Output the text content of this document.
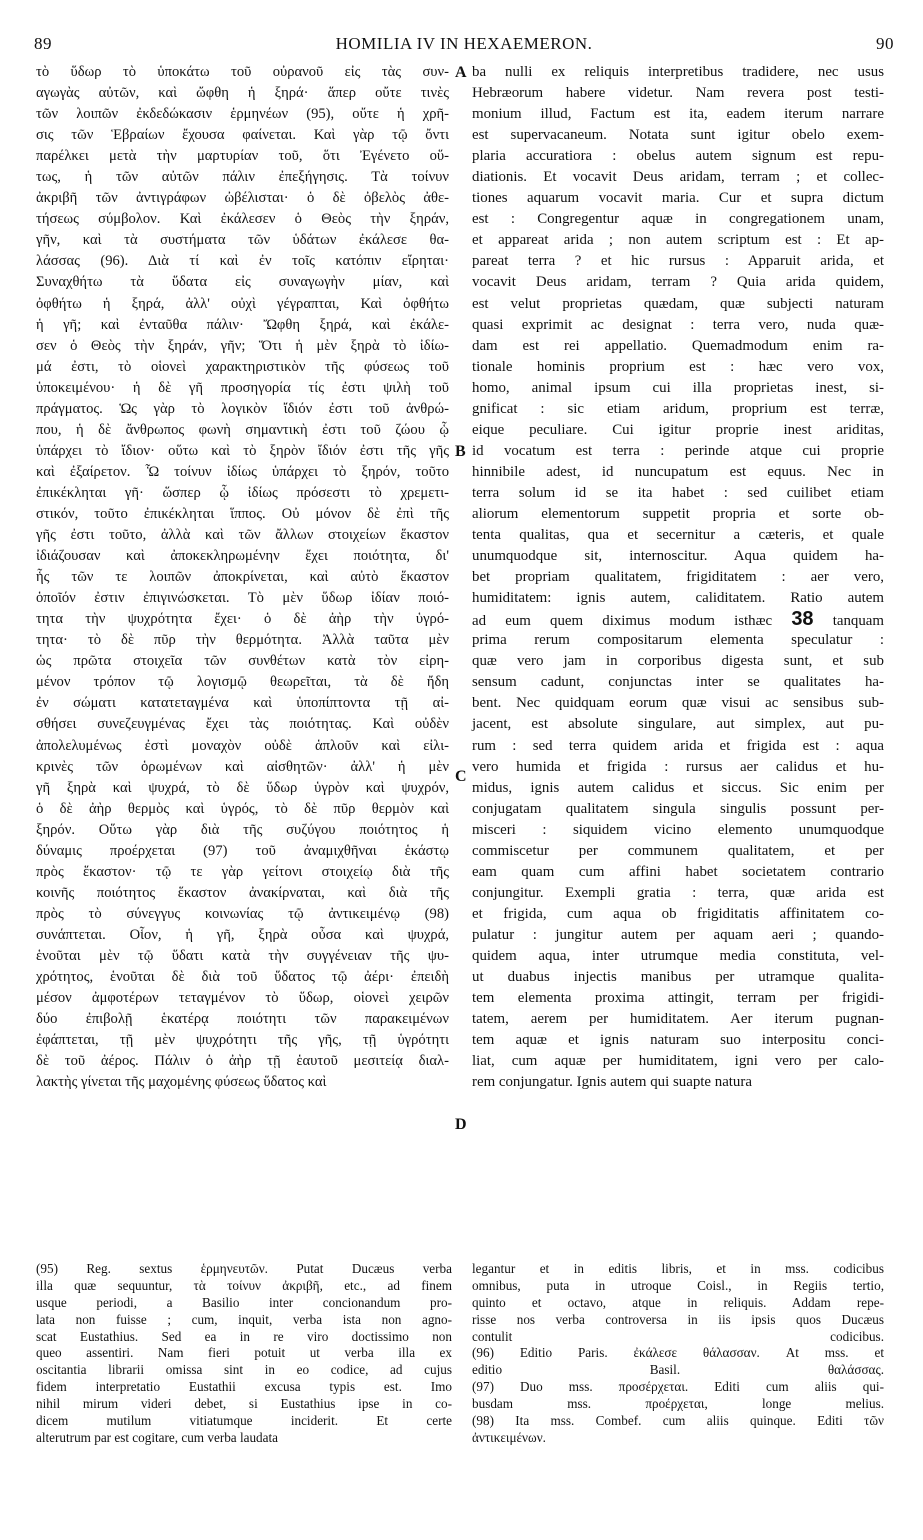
89	HOMILIA IV IN HEXAEMERON.	90
τὸ ὕδωρ τὸ ὑποκάτω τοῦ οὐρανοῦ εἰς τὰς συν-
αγωγὰς αὐτῶν, καὶ ὤφθη ἡ ξηρά· ἅπερ οὔτε τινὲς
τῶν λοιπῶν ἐκδεδώκασιν ἑρμηνέων (95), οὔτε ἡ χρῆ-
σις τῶν Ἑβραίων ἔχουσα φαίνεται. Καὶ γὰρ τῷ ὄντι
παρέλκει μετὰ τὴν μαρτυρίαν τοῦ, ὅτι Ἐγένετο οὕ-
τως, ἡ τῶν αὐτῶν πάλιν ἐπεξήγησις. Τὰ τοίνυν
ἀκριβῆ τῶν ἀντιγράφων ὠβέλισται· ὁ δὲ ὀβελὸς ἀθε-
τήσεως σύμβολον. Καὶ ἐκάλεσεν ὁ Θεὸς τὴν ξηράν,
γῆν, καὶ τὰ συστήματα τῶν ὑδάτων ἐκάλεσε θα-
λάσσας (96). Διὰ τί καὶ ἐν τοῖς κατόπιν εἴρηται·
Συναχθήτω τὰ ὕδατα εἰς συναγωγὴν μίαν, καὶ
ὀφθήτω ἡ ξηρά, ἀλλ' οὐχὶ γέγραπται, Καὶ ὀφθήτω
ἡ γῆ; καὶ ἐνταῦθα πάλιν· Ὤφθη ξηρά, καὶ ἐκάλε-
σεν ὁ Θεὸς τὴν ξηράν, γῆν; Ὅτι ἡ μὲν ξηρὰ τὸ ἰδίω-
μά ἐστι, τὸ οἱονεὶ χαρακτηριστικὸν τῆς φύσεως τοῦ
ὑποκειμένου· ἡ δὲ γῆ προσηγορία τίς ἐστι ψιλὴ τοῦ
πράγματος. Ὡς γὰρ τὸ λογικὸν ἴδιόν ἐστι τοῦ ἀνθρώ-
που, ἡ δὲ ἄνθρωπος φωνὴ σημαντικὴ ἐστι τοῦ ζώου ᾧ
ὑπάρχει τὸ ἴδιον· οὕτω καὶ τὸ ξηρὸν ἴδιόν ἐστι τῆς γῆς
καὶ ἐξαίρετον. Ὧ τοίνυν ἰδίως ὑπάρχει τὸ ξηρόν, τοῦτο
ἐπικέκληται γῆ· ὥσπερ ᾧ ἰδίως πρόσεστι τὸ χρεμετι-
στικόν, τοῦτο ἐπικέκληται ἵππος. Οὐ μόνον δὲ ἐπὶ τῆς
γῆς ἐστι τοῦτο, ἀλλὰ καὶ τῶν ἄλλων στοιχείων ἕκαστον
ἰδιάζουσαν καὶ ἀποκεκληρωμένην ἔχει ποιότητα, δι'
ἧς τῶν τε λοιπῶν ἀποκρίνεται, καὶ αὐτὸ ἕκαστον
ὁποῖόν ἐστιν ἐπιγινώσκεται. Τὸ μὲν ὕδωρ ἰδίαν ποιό-
τητα τὴν ψυχρότητα ἔχει· ὁ δὲ ἀὴρ τὴν ὑγρό-
τητα· τὸ δὲ πῦρ τὴν θερμότητα. Ἀλλὰ ταῦτα μὲν
ὡς πρῶτα στοιχεῖα τῶν συνθέτων κατὰ τὸν εἰρη-
μένον τρόπον τῷ λογισμῷ θεωρεῖται, τὰ δὲ ἤδη
ἐν σώματι κατατεταγμένα καὶ ὑποπίπτοντα τῇ αἰ-
σθήσει συνεζευγμένας ἔχει τὰς ποιότητας. Καὶ οὐδὲν
ἀπολελυμένως ἐστὶ μοναχὸν οὐδὲ ἁπλοῦν καὶ εἰλι-
κρινὲς τῶν ὁρωμένων καὶ αἰσθητῶν· ἀλλ' ἡ μὲν
γῆ ξηρὰ καὶ ψυχρά, τὸ δὲ ὕδωρ ὑγρὸν καὶ ψυχρόν,
ὁ δὲ ἀὴρ θερμὸς καὶ ὑγρός, τὸ δὲ πῦρ θερμὸν καὶ
ξηρόν. Οὕτω γὰρ διὰ τῆς συζύγου ποιότητος ἡ
δύναμις προέρχεται (97) τοῦ ἀναμιχθῆναι ἑκάστῳ
πρὸς ἕκαστον· τῷ τε γὰρ γείτονι στοιχείῳ διὰ τῆς
κοινῆς ποιότητος ἕκαστον ἀνακίρναται, καὶ διὰ τῆς
πρὸς τὸ σύνεγγυς κοινωνίας τῷ ἀντικειμένῳ (98)
συνάπτεται. Οἷον, ἡ γῆ, ξηρὰ οὖσα καὶ ψυχρά,
ἑνοῦται μὲν τῷ ὕδατι κατὰ τὴν συγγένειαν τῆς ψυ-
χρότητος, ἑνοῦται δὲ διὰ τοῦ ὕδατος τῷ ἀέρι· ἐπειδὴ
μέσον ἀμφοτέρων τεταγμένον τὸ ὕδωρ, οἱονεὶ χειρῶν
δύο ἐπιβολῇ ἑκατέρᾳ ποιότητι τῶν παρακειμένων
ἐφάπτεται, τῇ μὲν ψυχρότητι τῆς γῆς, τῇ ὑγρότητι
δὲ τοῦ ἀέρος. Πάλιν ὁ ἀὴρ τῇ ἑαυτοῦ μεσιτείᾳ διαλ-
λακτὴς γίνεται τῆς μαχομένης φύσεως ὕδατος καὶ
ba nulli ex reliquis interpretibus tradidere, nec usus
Hebræorum habere videtur. Nam revera post testi-
monium illud, Factum est ita, eadem iterum narrare
est supervacaneum. Notata sunt igitur obelo exem-
plaria accuratiora : obelus autem signum est repu-
diationis. Et vocavit Deus aridam, terram ; et collec-
tiones aquarum vocavit maria. Cur et supra dictum
est : Congregentur aquæ in congregationem unam,
et appareat arida ; non autem scriptum est : Et ap-
pareat terra ? et hic rursus : Apparuit arida, et
vocavit Deus aridam, terram ? Quia arida quidem,
est velut proprietas quædam, quæ subjecti naturam
quasi exprimit ac designat : terra vero, nuda quæ-
dam est rei appellatio. Quemadmodum enim ra-
tionale hominis proprium est : hæc vero vox,
homo, animal ipsum cui illa proprietas inest, si-
gnificat : sic etiam aridum, proprium est terræ,
eique peculiare. Cui igitur proprie inest ariditas,
id vocatum est terra : perinde atque cui proprie
hinnibile adest, id nuncupatum est equus. Nec in
terra solum id se ita habet : sed cuilibet etiam
aliorum elementorum suppetit propria et sorte ob-
tenta qualitas, qua et secernitur a cæteris, et quale
unumquodque sit, internoscitur. Aqua quidem ha-
bet propriam qualitatem, frigiditatem : aer vero,
humiditatem: ignis autem, caliditatem. Ratio autem
ad eum quem diximus modum isthæc 38 tanquam
prima rerum compositarum elementa speculatur :
quæ vero jam in corporibus digesta sunt, et sub
sensum cadunt, conjunctas inter se qualitates ha-
bent. Nec quidquam eorum quæ visui ac sensibus sub-
jacent, est absolute singulare, aut simplex, aut pu-
rum : sed terra quidem arida et frigida est : aqua
vero humida et frigida : rursus aer calidus et hu-
midus, ignis autem calidus et siccus. Sic enim per
conjugatam qualitatem singula singulis possunt per-
misceri : siquidem vicino elemento unumquodque
commiscetur per communem qualitatem, et per
eam quam cum affini habet societatem contrario
conjungitur. Exempli gratia : terra, quæ arida est
et frigida, cum aqua ob frigiditatis affinitatem co-
pulatur : jungitur autem per aquam aeri ; quando-
quidem aqua, inter utrumque media constituta, vel-
ut duabus injectis manibus per utramque qualita-
tem elementa proxima attingit, terram per frigidi-
tatem, aerem per humiditatem. Aer iterum pugnan-
tem aquæ et ignis naturam suo interpositu conci-
liat, cum aquæ per humiditatem, igni vero per calo-
rem conjungatur. Ignis autem qui suapte natura
A
B
C
D
(95) Reg. sextus ἑρμηνευτῶν. Putat Ducæus verba
illa quæ sequuntur, τὰ τοίνυν ἀκριβῆ, etc., ad finem
usque periodi, a Basilio inter concionandum pro-
lata non fuisse ; cum, inquit, verba ista non agno-
scat Eustathius. Sed ea in re viro doctissimo non
queo assentiri. Nam fieri potuit ut verba illa ex
oscitantia librarii omissa sint in eo codice, ad cujus
fidem interpretatio Eustathii excusa typis est. Imo
nihil mirum videri debet, si Eustathius ipse in co-
dicem mutilum vitiatumque inciderit. Et certe
alterutrum par est cogitare, cum verba laudata
legantur et in editis libris, et in mss. codicibus
omnibus, puta in utroque Coisl., in Regiis tertio,
quinto et octavo, atque in reliquis. Addam repe-
risse nos verba controversa in iis ipsis quos Ducæus
contulit codicibus.
(96) Editio Paris. ἐκάλεσε θάλασσαν. At mss. et
editio Basil. θαλάσσας.
(97) Duo mss. προσέρχεται. Editi cum aliis qui-
busdam mss. προέρχεται, longe melius.
(98) Ita mss. Combef. cum aliis quinque. Editi τῶν
ἀντικειμένων.
